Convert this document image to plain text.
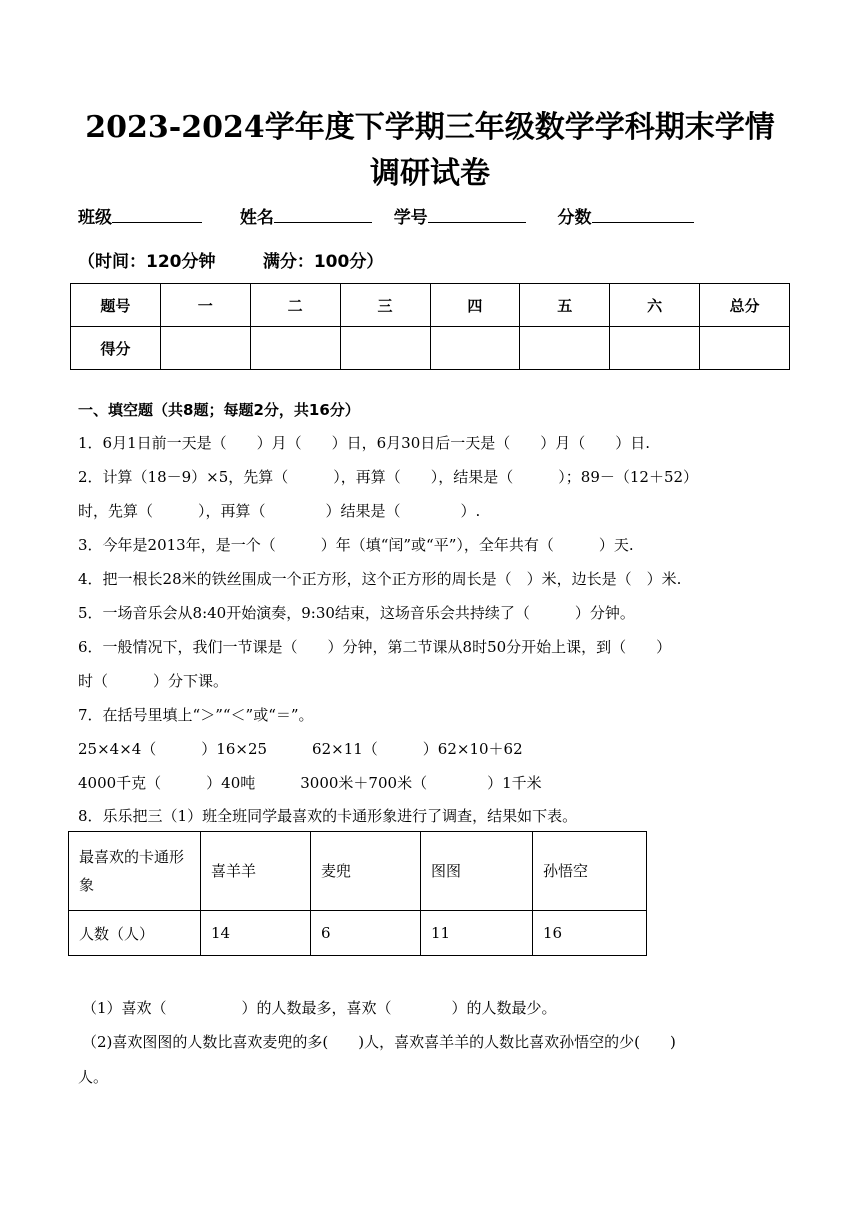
2023-2024学年度下学期三年级数学学科期末学情
调研试卷
班级	姓名	学号	分数
（时间：120分钟        满分：100分）
题号	一	二	三	四	五	六	总分
得分							
一、填空题（共8题；每题2分，共16分）
1．6月1日前一天是（　　）月（　　）日，6月30日后一天是（　　）月（　　）日.
2．计算（18－9）×5，先算（　　　），再算（　　），结果是（　　　）；89－（12＋52）
时，先算（　　　），再算（　　　　）结果是（　　　　）.
3．今年是2013年，是一个（　　　）年（填“闰”或“平”），全年共有（　　　）天.
4．把一根长28米的铁丝围成一个正方形，这个正方形的周长是（　）米，边长是（　）米.
5．一场音乐会从8:40开始演奏，9:30结束，这场音乐会共持续了（　　　）分钟。
6．一般情况下，我们一节课是（　　）分钟，第二节课从8时50分开始上课，到（　　）
时（　　　）分下课。
7．在括号里填上“＞”“＜”或“＝”。
25×4×4（　　　）16×25　　　62×11（　　　）62×10＋62
4000千克（　　　）40吨　　　3000米＋700米（　　　　）1千米
8．乐乐把三（1）班全班同学最喜欢的卡通形象进行了调查，结果如下表。
最喜欢的卡通形象	喜羊羊	麦兜	图图	孙悟空
人数（人）	14	6	11	16
（1）喜欢（　　　　　）的人数最多，喜欢（　　　　）的人数最少。
（2)喜欢图图的人数比喜欢麦兜的多(　　)人，喜欢喜羊羊的人数比喜欢孙悟空的少(　　)
人。
